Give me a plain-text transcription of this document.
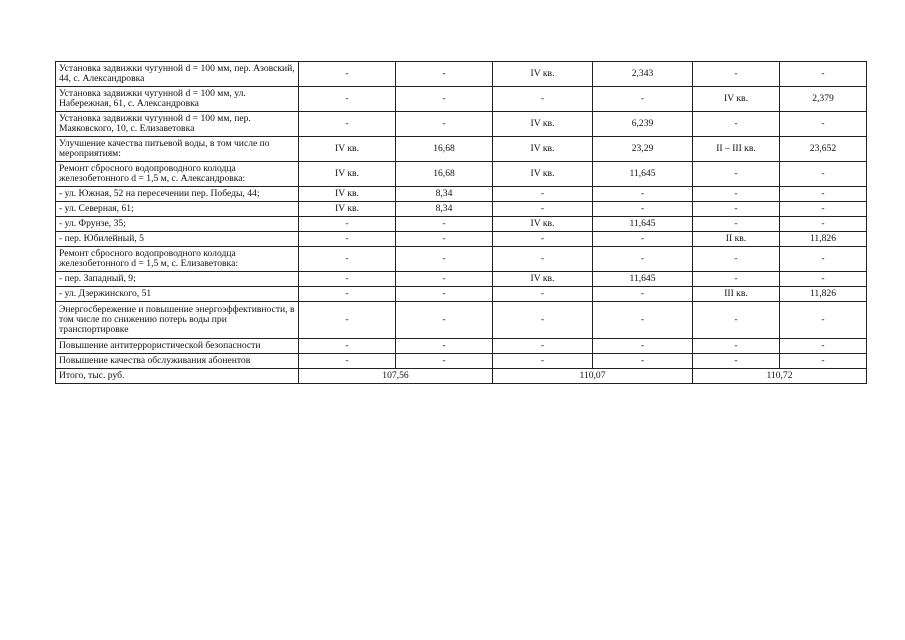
Установка задвижки чугунной d = 100 мм, пер. Азовский, 44, с. Александровка	-	-	IV кв.	2,343	-	-
Установка задвижки чугунной d = 100 мм, ул. Набережная, 61, с. Александровка	-	-	-	-	IV кв.	2,379
Установка задвижки чугунной d = 100 мм, пер. Маяковского, 10, с. Елизаветовка	-	-	IV кв.	6,239	-	-
Улучшение качества питьевой воды, в том числе по мероприятиям:	IV кв.	16,68	IV кв.	23,29	II – III кв.	23,652
Ремонт сбросного водопроводного колодца железобетонного d = 1,5 м, с. Александровка:	IV кв.	16,68	IV кв.	11,645	-	-
- ул. Южная, 52 на пересечении пер. Победы, 44;	IV кв.	8,34	-	-	-	-
- ул. Северная, 61;	IV кв.	8,34	-	-	-	-
- ул. Фрунзе, 35;	-	-	IV кв.	11,645	-	-
- пер. Юбилейный, 5	-	-	-	-	II кв.	11,826
Ремонт сбросного водопроводного колодца железобетонного d = 1,5 м, с. Елизаветовка:	-	-	-	-	-	-
- пер. Западный, 9;	-	-	IV кв.	11,645	-	-
- ул. Дзержинского, 51	-	-	-	-	III кв.	11,826
Энергосбережение и повышение энергоэффективности, в том числе по снижению потерь воды при транспортировке	-	-	-	-	-	-
Повышение антитеррористической безопасности	-	-	-	-	-	-
Повышение качества обслуживания абонентов	-	-	-	-	-	-
Итого, тыс. руб.	107,56		110,07		110,72	
